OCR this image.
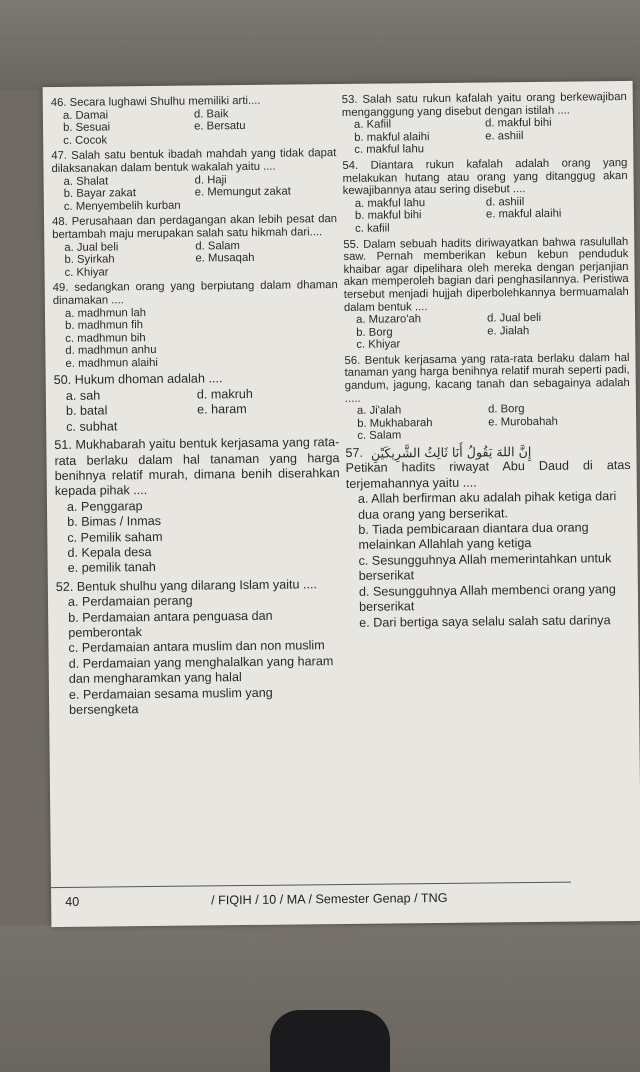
46. Secara lughawi Shulhu memiliki arti....
a. Damai	d. Baik
b. Sesuai	e. Bersatu
c. Cocok
47. Salah satu bentuk ibadah mahdah yang tidak dapat dilaksanakan dalam bentuk wakalah yaitu ....
a. Shalat	d. Haji
b. Bayar zakat	e. Memungut zakat
c. Menyembelih kurban
48. Perusahaan dan perdagangan akan lebih pesat dan bertambah maju merupakan salah satu hikmah dari....
a. Jual beli	d. Salam
b. Syirkah	e. Musaqah
c. Khiyar
49. sedangkan orang yang berpiutang dalam dhaman dinamakan ....
a. madhmun lah
b. madhmun fih
c. madhmun bih
d. madhmun anhu
e. madhmun alaihi
50. Hukum dhoman adalah ....
a. sah	d. makruh
b. batal	e. haram
c. subhat
51. Mukhabarah yaitu bentuk kerjasama yang rata-rata berlaku dalam hal tanaman yang harga benihnya relatif murah, dimana benih diserahkan kepada pihak ....
a. Penggarap
b. Bimas / Inmas
c. Pemilik saham
d. Kepala desa
e. pemilik tanah
52. Bentuk shulhu yang dilarang Islam yaitu ....
a. Perdamaian perang
b. Perdamaian antara penguasa dan pemberontak
c. Perdamaian antara muslim dan non muslim
d. Perdamaian yang menghalalkan yang haram dan mengharamkan yang halal
e. Perdamaian sesama muslim yang bersengketa
53. Salah satu rukun kafalah yaitu orang berkewajiban menganggung yang disebut dengan istilah ....
a. Kafiil	d. makful bihi
b. makful alaihi	e. ashiil
c. makful lahu
54. Diantara rukun kafalah adalah orang yang melakukan hutang atau orang yang ditanggug akan kewajibannya atau sering disebut ....
a. makful lahu	d. ashiil
b. makful bihi	e. makful alaihi
c. kafiil
55. Dalam sebuah hadits diriwayatkan bahwa rasulullah saw. Pernah memberikan kebun kebun penduduk khaibar agar dipelihara oleh mereka dengan perjanjian akan memperoleh bagian dari penghasilannya. Peristiwa tersebut menjadi hujjah diperbolehkannya bermuamalah dalam bentuk ....
a. Muzaro'ah	d. Jual beli
b. Borg	e. Jialah
c. Khiyar
56. Bentuk kerjasama yang rata-rata berlaku dalam hal tanaman yang harga benihnya relatif murah seperti padi, gandum, jagung, kacang tanah dan sebagainya adalah .....
a. Ji'alah	d. Borg
b. Mukhabarah	e. Murobahah
c. Salam
57. إِنَّ اللهَ يَقُولُ أَنَا ثَالِثُ الشَّرِيكَيْنِ
Petikan hadits riwayat Abu Daud di atas terjemahannya yaitu ....
a. Allah berfirman aku adalah pihak ketiga dari dua orang yang berserikat.
b. Tiada pembicaraan diantara dua orang melainkan Allahlah yang ketiga
c. Sesungguhnya Allah memerintahkan untuk berserikat
d. Sesungguhnya Allah membenci orang yang berserikat
e. Dari bertiga saya selalu salah satu darinya
40	/ FIQIH / 10 / MA / Semester Genap / TNG
